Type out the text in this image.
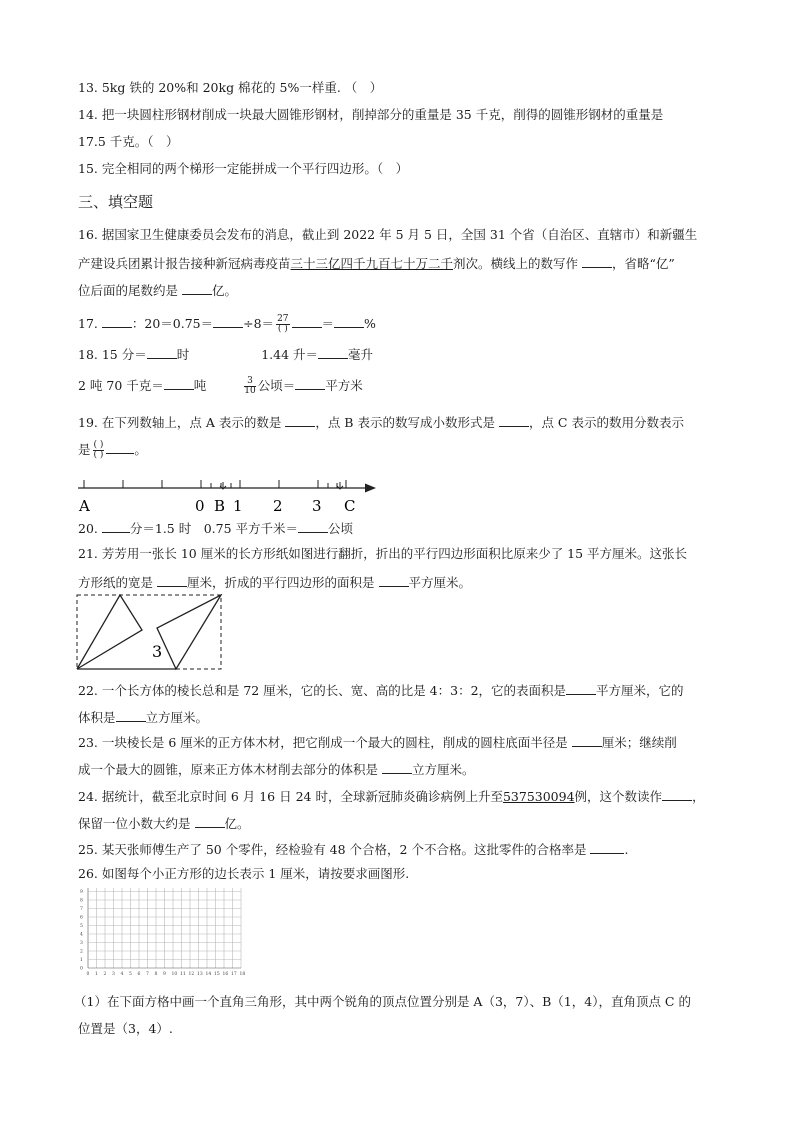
13. 5kg 铁的 20%和 20kg 棉花的 5%一样重. （　）
14. 把一块圆柱形钢材削成一块最大圆锥形钢材，削掉部分的重量是 35 千克，削得的圆锥形钢材的重量是
17.5 千克。（　）
15. 完全相同的两个梯形一定能拼成一个平行四边形。（　）
三、填空题
16. 据国家卫生健康委员会发布的消息，截止到 2022 年 5 月 5 日，全国 31 个省（自治区、直辖市）和新疆生
产建设兵团累计报告接种新冠病毒疫苗三十三亿四千九百七十万二千剂次。横线上的数写作	，省略“亿”
位后面的尾数约是	亿。
17.	：$20=0.75= \div 8= \frac{27}{( )}$	＝ %
18. 15 分＝ 时	1.44 升＝ 毫升
2 吨 70 千克＝ 吨	$\frac{3}{10}$ 公顷＝ 平方米
19. 在下列数轴上，点 A 表示的数是	，点 B 表示的数写成小数形式是	，点 C 表示的数用分数表示
是 $\frac{( )}{( )}$ 。
A	0 B 1 2 3 C
20.	分＝1.5 时　0.75 平方千米＝ 公顷
21. 芳芳用一张长 10 厘米的长方形纸如图进行翻折，折出的平行四边形面积比原来少了 15 平方厘米。这张长
方形纸的宽是	厘米，折成的平行四边形的面积是	平方厘米。
3
22. 一个长方体的棱长总和是 72 厘米，它的长、宽、高的比是 4：3：2，它的表面积是 平方厘米，它的
体积是 立方厘米。
23. 一块棱长是 6 厘米的正方体木材，把它削成一个最大的圆柱，削成的圆柱底面半径是	厘米；继续削
成一个最大的圆锥，原来正方体木材削去部分的体积是	立方厘米。
24. 据统计，截至北京时间 6 月 16 日 24 时，全球新冠肺炎确诊病例上升至537530094例，这个数读作 ，
保留一位小数大约是	亿。
25. 某天张师傅生产了 50 个零件，经检验有 48 个合格，2 个不合格。这批零件的合格率是	.
26. 如图每个小正方形的边长表示 1 厘米，请按要求画图形.
0 1 2 3 4 5 6 7 8 9 10 11 12 13 14 15 16 17 18
0
1
2
3
4
5
6
7
8
9
（1）在下面方格中画一个直角三角形，其中两个锐角的顶点位置分别是 A（3，7）、B（1，4），直角顶点 C 的
位置是（3，4）.
